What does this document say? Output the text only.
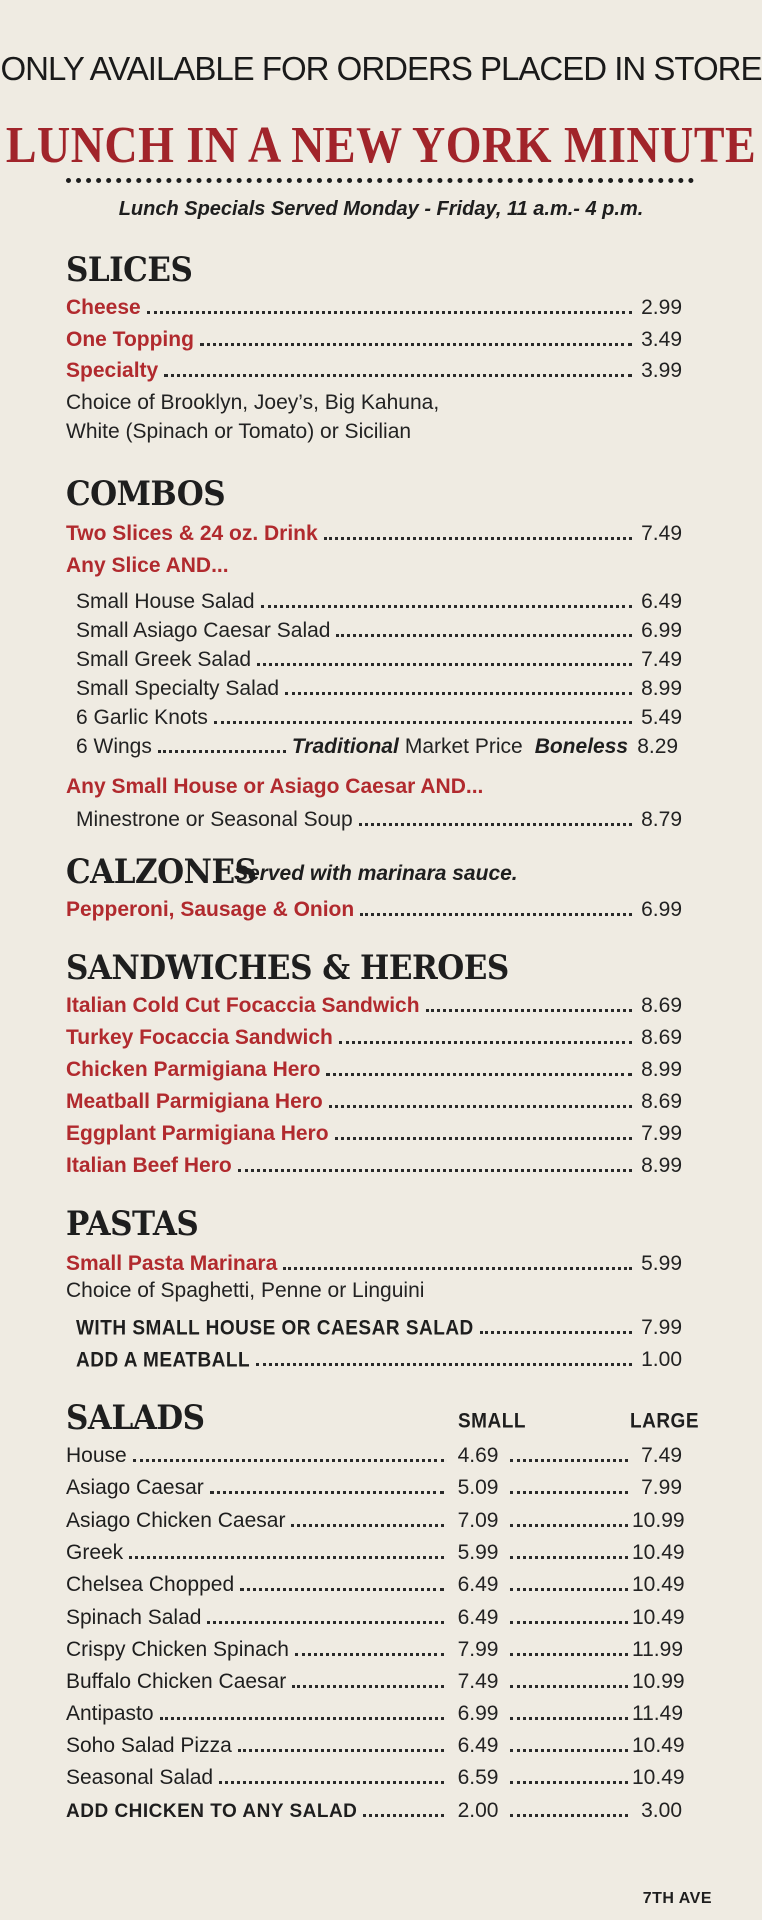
ONLY AVAILABLE FOR ORDERS PLACED IN STORE
LUNCH IN A NEW YORK MINUTE
Lunch Specials Served Monday - Friday, 11 a.m.- 4 p.m.
SLICES
Cheese	2.99
One Topping	3.49
Specialty	3.99
Choice of Brooklyn, Joey’s, Big Kahuna,
White (Spinach or Tomato) or Sicilian
COMBOS
Two Slices & 24 oz. Drink	7.49
Any Slice AND...
Small House Salad	6.49
Small Asiago Caesar Salad	6.99
Small Greek Salad	7.49
Small Specialty Salad	8.99
6 Garlic Knots	5.49
6 Wings	Traditional Market Price Boneless 8.29
Any Small House or Asiago Caesar AND...
Minestrone or Seasonal Soup	8.79
CALZONES
Served with marinara sauce.
Pepperoni, Sausage & Onion	6.99
SANDWICHES & HEROES
Italian Cold Cut Focaccia Sandwich	8.69
Turkey Focaccia Sandwich	8.69
Chicken Parmigiana Hero	8.99
Meatball Parmigiana Hero	8.69
Eggplant Parmigiana Hero	7.99
Italian Beef Hero	8.99
PASTAS
Small Pasta Marinara	5.99
Choice of Spaghetti, Penne or Linguini
WITH SMALL HOUSE OR CAESAR SALAD	7.99
ADD A MEATBALL	1.00
SALADS	SMALL	LARGE
House	4.69	7.49
Asiago Caesar	5.09	7.99
Asiago Chicken Caesar	7.09	10.99
Greek	5.99	10.49
Chelsea Chopped	6.49	10.49
Spinach Salad	6.49	10.49
Crispy Chicken Spinach	7.99	11.99
Buffalo Chicken Caesar	7.49	10.99
Antipasto	6.99	11.49
Soho Salad Pizza	6.49	10.49
Seasonal Salad	6.59	10.49
ADD CHICKEN TO ANY SALAD	2.00	3.00
7TH AVE
